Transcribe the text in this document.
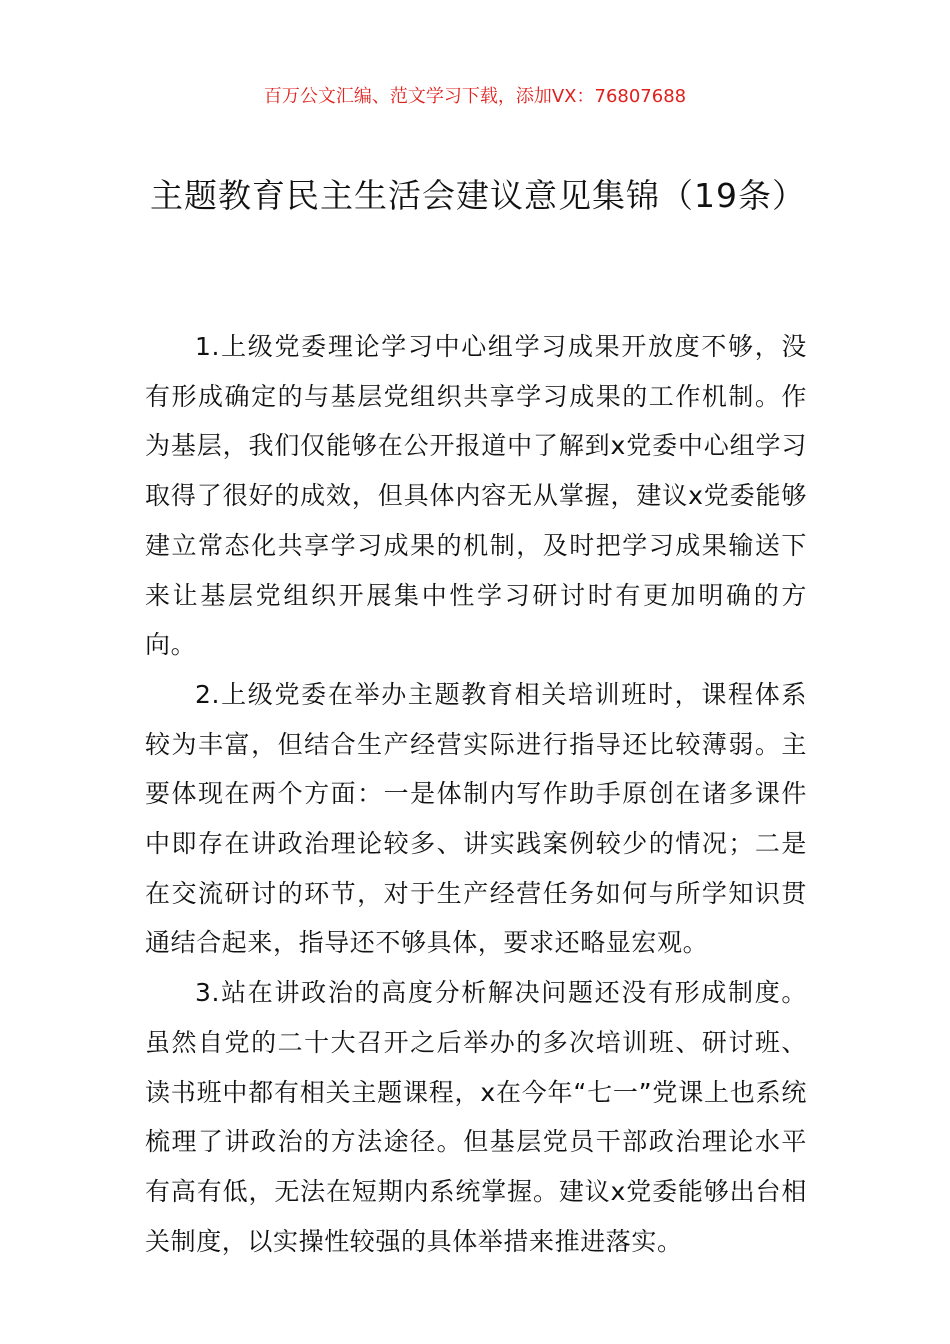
百万公文汇编、范文学习下载，添加VX：76807688
主题教育民主生活会建议意见集锦（19条）

1.上级党委理论学习中心组学习成果开放度不够，没有形成确定的与基层党组织共享学习成果的工作机制。作为基层，我们仅能够在公开报道中了解到x党委中心组学习取得了很好的成效，但具体内容无从掌握，建议x党委能够建立常态化共享学习成果的机制，及时把学习成果输送下来让基层党组织开展集中性学习研讨时有更加明确的方向。

2.上级党委在举办主题教育相关培训班时，课程体系较为丰富，但结合生产经营实际进行指导还比较薄弱。主要体现在两个方面：一是体制内写作助手原创在诸多课件中即存在讲政治理论较多、讲实践案例较少的情况；二是在交流研讨的环节，对于生产经营任务如何与所学知识贯通结合起来，指导还不够具体，要求还略显宏观。

3.站在讲政治的高度分析解决问题还没有形成制度。虽然自党的二十大召开之后举办的多次培训班、研讨班、读书班中都有相关主题课程，x在今年“七一”党课上也系统梳理了讲政治的方法途径。但基层党员干部政治理论水平有高有低，无法在短期内系统掌握。建议x党委能够出台相关制度，以实操性较强的具体举措来推进落实。
